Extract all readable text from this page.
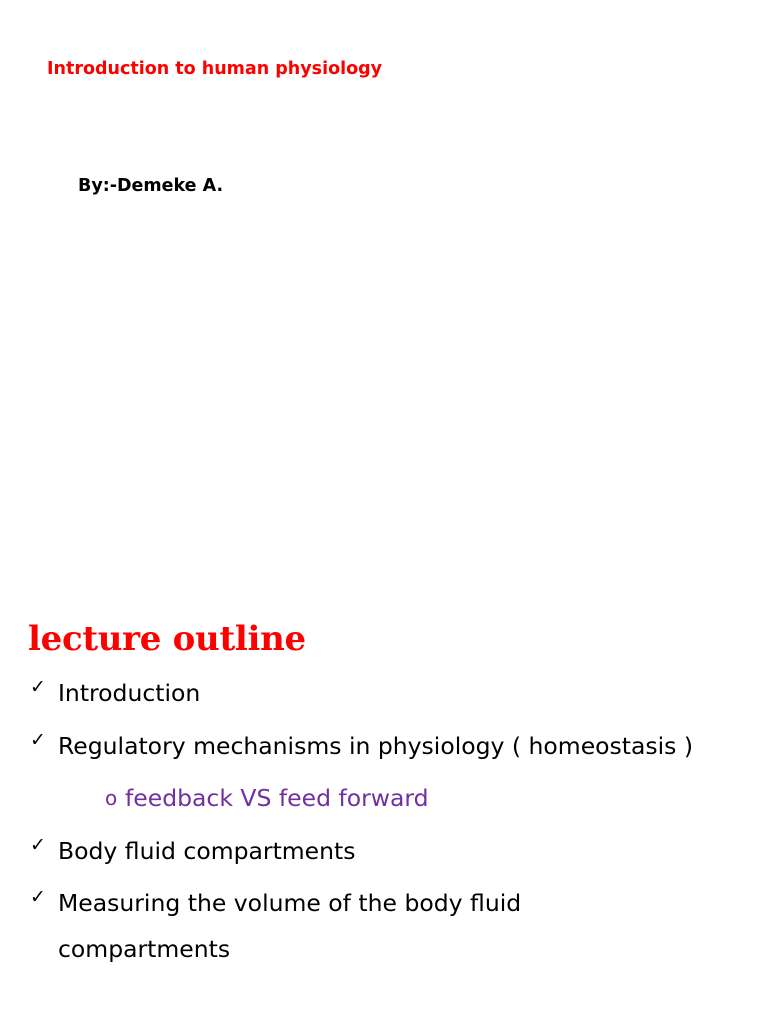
Introduction to human physiology
By:-Demeke A.
lecture outline
✓ Introduction
✓ Regulatory mechanisms in physiology ( homeostasis )
o feedback VS feed forward
✓ Body fluid compartments
✓ Measuring the volume of the body fluid
compartments
